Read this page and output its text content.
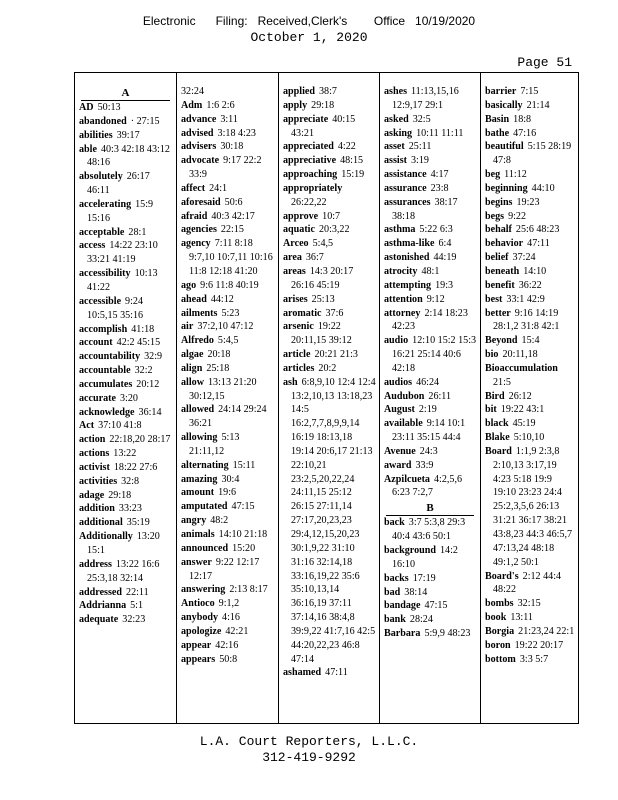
Electronic      Filing:   Received,Clerk's        Office   10/19/2020
October 1, 2020
Page 51
A
AD 50:13
abandoned · 27:15
abilities 39:17
able 40:3 42:18 43:12 48:16
absolutely 26:17 46:11
accelerating 15:9 15:16
acceptable 28:1
access 14:22 23:10 33:21 41:19
accessibility 10:13 41:22
accessible 9:24 10:5,15 35:16
accomplish 41:18
account 42:2 45:15
accountability 32:9
accountable 32:2
accumulates 20:12
accurate 3:20
acknowledge 36:14
Act 37:10 41:8
action 22:18,20 28:17
actions 13:22
activist 18:22 27:6
activities 32:8
adage 29:18
addition 33:23
additional 35:19
Additionally 13:20 15:1
address 13:22 16:6 25:3,18 32:14
addressed 22:11
Addrianna 5:1
adequate 32:23
32:24
Adm 1:6 2:6
advance 3:11
advised 3:18 4:23
advisers 30:18
advocate 9:17 22:2 33:9
affect 24:1
aforesaid 50:6
afraid 40:3 42:17
agencies 22:15
agency 7:11 8:18 9:7,10 10:7,11 10:16 11:8 12:18 41:20
ago 9:6 11:8 40:19
ahead 44:12
ailments 5:23
air 37:2,10 47:12
Alfredo 5:4,5
algae 20:18
align 25:18
allow 13:13 21:20 30:12,15
allowed 24:14 29:24 36:21
allowing 5:13 21:11,12
alternating 15:11
amazing 30:4
amount 19:6
amputated 47:15
angry 48:2
animals 14:10 21:18
announced 15:20
answer 9:22 12:17 12:17
answering 2:13 8:17
Antioco 9:1,2
anybody 4:16
apologize 42:21
appear 42:16
appears 50:8
applied 38:7
apply 29:18
appreciate 40:15 43:21
appreciated 4:22
appreciative 48:15
approaching 15:19
appropriately26:22,22
approve 10:7
aquatic 20:3,22
Arceo 5:4,5
area 36:7
areas 14:3 20:17 26:16 45:19
arises 25:13
aromatic 37:6
arsenic 19:22 20:11,15 39:12
article 20:21 21:3
articles 20:2
ash 6:8,9,10 12:4 12:4 13:2,10,13 13:18,23 14:5 16:2,7,7,8,9,9,14 16:19 18:13,18 19:14 20:6,17 21:13 22:10,21 23:2,5,20,22,24 24:11,15 25:12 26:15 27:11,14 27:17,20,23,23 29:4,12,15,20,23 30:1,9,22 31:10 31:16 32:14,18 33:16,19,22 35:6 35:10,13,14 36:16,19 37:11 37:14,16 38:4,8 39:9,22 41:7,16 42:5 44:20,22,23 46:8 47:14
ashamed 47:11
ashes 11:13,15,16 12:9,17 29:1
asked 32:5
asking 10:11 11:11
asset 25:11
assist 3:19
assistance 4:17
assurance 23:8
assurances 38:17 38:18
asthma 5:22 6:3
asthma-like 6:4
astonished 44:19
atrocity 48:1
attempting 19:3
attention 9:12
attorney 2:14 18:23 42:23
audio 12:10 15:2 15:3 16:21 25:14 40:6 42:18
audios 46:24
Audubon 26:11
August 2:19
available 9:14 10:1 23:11 35:15 44:4
Avenue 24:3
award 33:9
Azpilcueta 4:2,5,6 6:23 7:2,7
B
back 3:7 5:3,8 29:3 40:4 43:6 50:1
background 14:2 16:10
backs 17:19
bad 38:14
bandage 47:15
bank 28:24
Barbara 5:9,9 48:23
barrier 7:15
basically 21:14
Basin 18:8
bathe 47:16
beautiful 5:15 28:19 47:8
beg 11:12
beginning 44:10
begins 19:23
begs 9:22
behalf 25:6 48:23
behavior 47:11
belief 37:24
beneath 14:10
benefit 36:22
best 33:1 42:9
better 9:16 14:19 28:1,2 31:8 42:1
Beyond 15:4
bio 20:11,18
Bioaccumulation21:5
Bird 26:12
bit 19:22 43:1
black 45:19
Blake 5:10,10
Board 1:1,9 2:3,8 2:10,13 3:17,19 4:23 5:18 19:9 19:10 23:23 24:4 25:2,3,5,6 26:13 31:21 36:17 38:21 43:8,23 44:3 46:5,7 47:13,24 48:18 49:1,2 50:1
Board's 2:12 44:4 48:22
bombs 32:15
book 13:11
Borgia 21:23,24 22:1
boron 19:22 20:17
bottom 3:3 5:7
L.A. Court Reporters, L.L.C.
312-419-9292
